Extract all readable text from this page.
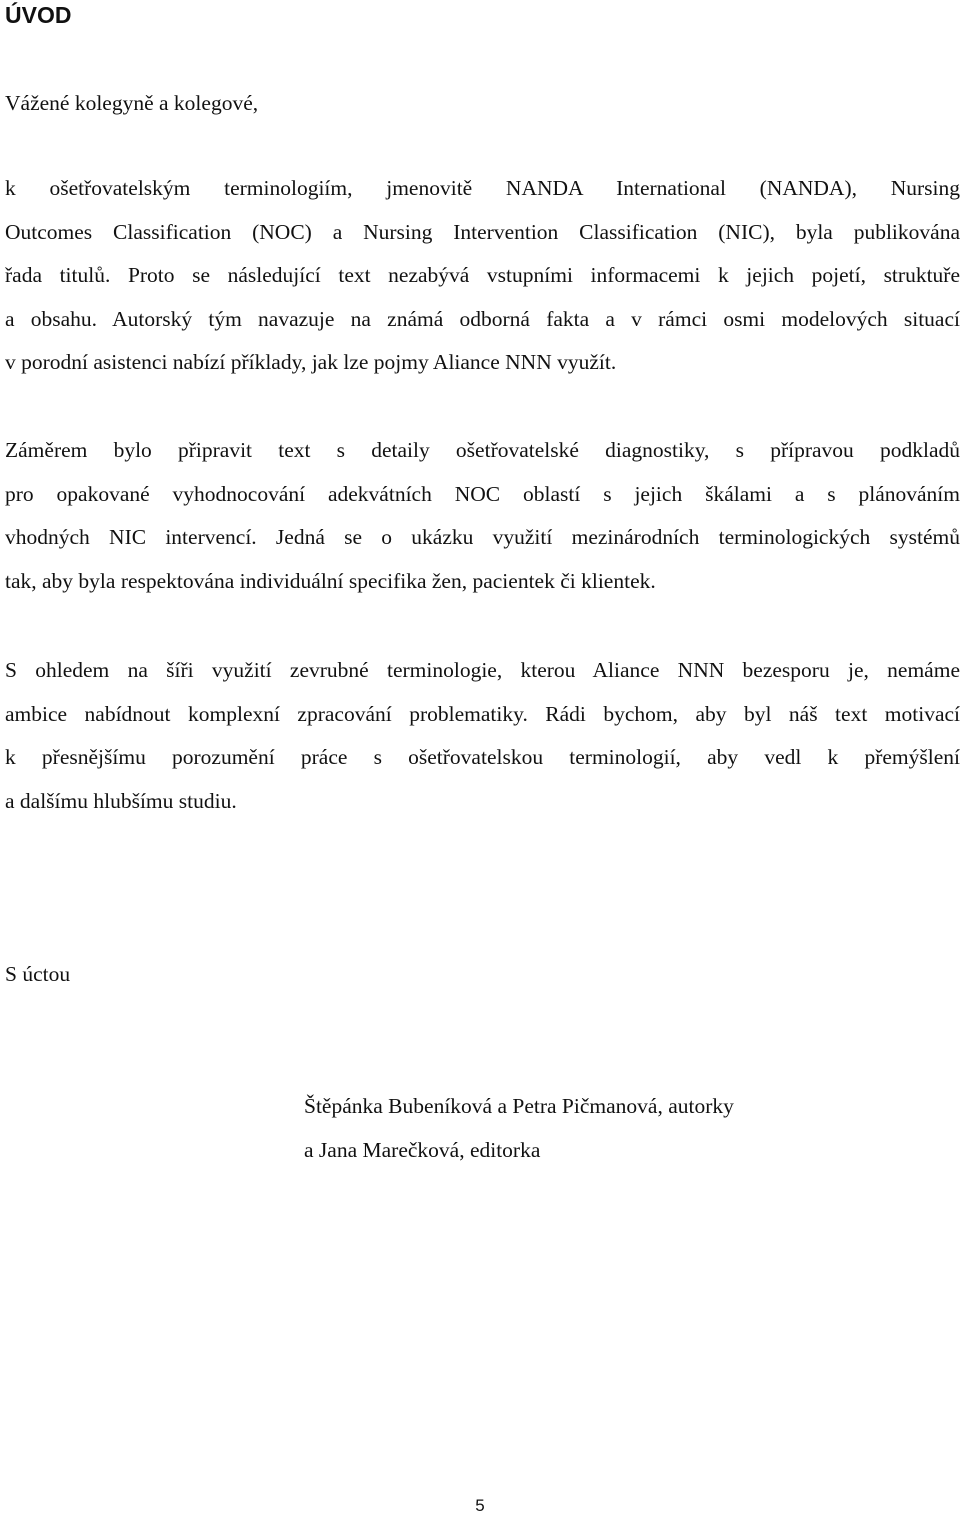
ÚVOD

Vážené kolegyně a kolegové,

k ošetřovatelským terminologiím, jmenovitě NANDA International (NANDA), Nursing
Outcomes Classification (NOC) a Nursing Intervention Classification (NIC), byla publikována
řada titulů. Proto se následující text nezabývá vstupními informacemi k jejich pojetí, struktuře
a obsahu. Autorský tým navazuje na známá odborná fakta a v rámci osmi modelových situací
v porodní asistenci nabízí příklady, jak lze pojmy Aliance NNN využít.

Záměrem bylo připravit text s detaily ošetřovatelské diagnostiky, s přípravou podkladů
pro opakované vyhodnocování adekvátních NOC oblastí s jejich škálami a s plánováním
vhodných NIC intervencí. Jedná se o ukázku využití mezinárodních terminologických systémů
tak, aby byla respektována individuální specifika žen, pacientek či klientek.

S ohledem na šíři využití zevrubné terminologie, kterou Aliance NNN bezesporu je, nemáme
ambice nabídnout komplexní zpracování problematiky. Rádi bychom, aby byl náš text motivací
k přesnějšímu porozumění práce s ošetřovatelskou terminologií, aby vedl k přemýšlení
a dalšímu hlubšímu studiu.

S úctou

Štěpánka Bubeníková a Petra Pičmanová, autorky
a Jana Marečková, editorka

5
